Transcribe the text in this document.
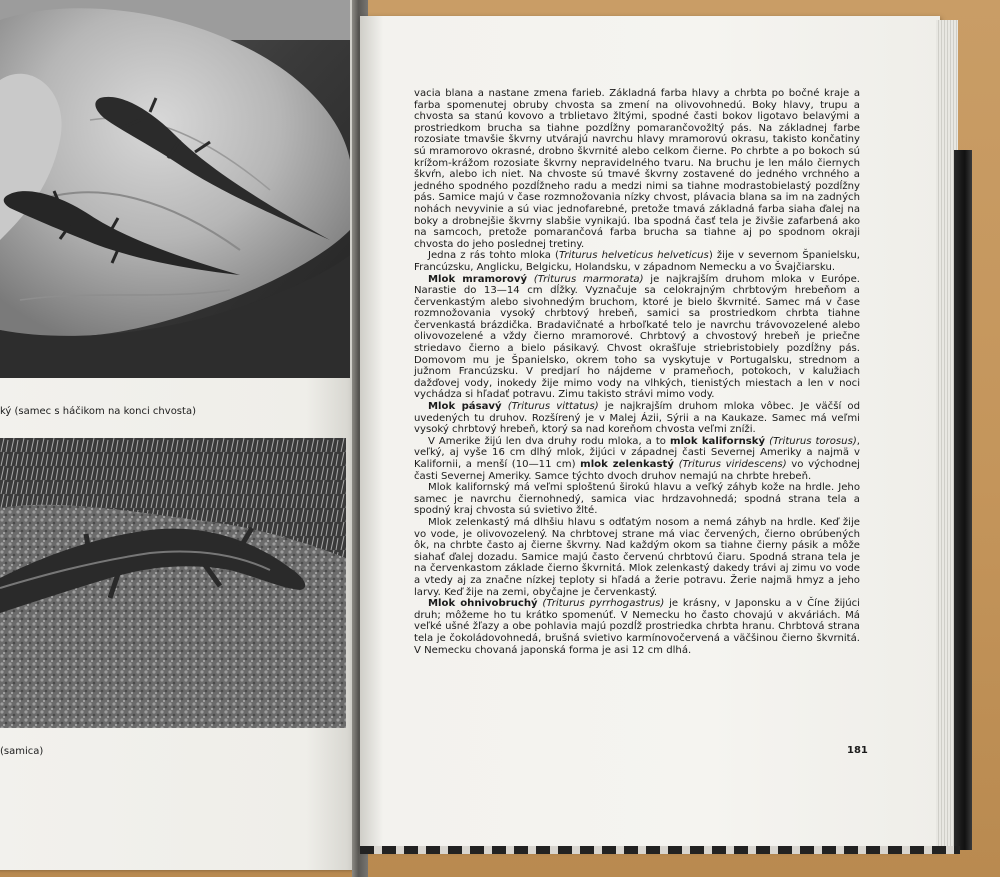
ký (samec s háčikom na konci chvosta)
(samica)

vacia blana a nastane zmena farieb. Základná farba hlavy a chrbta po bočné kraje a farba spomenutej obruby chvosta sa zmení na olivovohnedú. Boky hlavy, trupu a chvosta sa stanú kovovo a trblietavo žltými, spodné časti bokov ligotavo belavými a prostriedkom brucha sa tiahne pozdĺžny pomarančovožltý pás. Na základnej farbe rozosiate tmavšie škvrny utvárajú navrchu hlavy mramorovú okrasu, takisto končatiny sú mramorovo okrasné, drobno škvrnité alebo celkom čierne. Po chrbte a po bokoch sú krížom-krážom rozosiate škvrny nepravidelného tvaru. Na bruchu je len málo čiernych škvŕn, alebo ich niet. Na chvoste sú tmavé škvrny zostavené do jedného vrchného a jedného spodného pozdĺžneho radu a medzi nimi sa tiahne modrastobielastý pozdĺžny pás. Samice majú v čase rozmnožovania nízky chvost, plávacia blana sa im na zadných nohách nevyvinie a sú viac jednofarebné, pretože tmavá základná farba siaha ďalej na boky a drobnejšie škvrny slabšie vynikajú. Iba spodná časť tela je živšie zafarbená ako na samcoch, pretože pomarančová farba brucha sa tiahne aj po spodnom okraji chvosta do jeho poslednej tretiny.

Jedna z rás tohto mloka (Triturus helveticus helveticus) žije v severnom Španielsku, Francúzsku, Anglicku, Belgicku, Holandsku, v západnom Nemecku a vo Švajčiarsku.

Mlok mramorový (Triturus marmorata) je najkrajším druhom mloka v Európe. Narastie do 13—14 cm dĺžky. Vyznačuje sa celokrajným chrbtovým hrebeňom a červenkastým alebo sivohnedým bruchom, ktoré je bielo škvrnité. Samec má v čase rozmnožovania vysoký chrbtový hrebeň, samici sa prostriedkom chrbta tiahne červenkastá brázdička. Bradavičnaté a hrboľkaté telo je navrchu trávovozelené alebo olivovozelené a vždy čierno mramorové. Chrbtový a chvostový hrebeň je priečne striedavo čierno a bielo pásikavý. Chvost okrašľuje striebristobiely pozdĺžny pás. Domovom mu je Španielsko, okrem toho sa vyskytuje v Portugalsku, strednom a južnom Francúzsku. V predjarí ho nájdeme v prameňoch, potokoch, v kalužiach dažďovej vody, inokedy žije mimo vody na vlhkých, tienistých miestach a len v noci vychádza si hľadať potravu. Zimu takisto strávi mimo vody.

Mlok pásavý (Triturus vittatus) je najkrajším druhom mloka vôbec. Je väčší od uvedených tu druhov. Rozšírený je v Malej Ázii, Sýrii a na Kaukaze. Samec má veľmi vysoký chrbtový hrebeň, ktorý sa nad koreňom chvosta veľmi zníži.

V Amerike žijú len dva druhy rodu mloka, a to mlok kalifornský (Triturus torosus), veľký, aj vyše 16 cm dlhý mlok, žijúci v západnej časti Severnej Ameriky a najmä v Kalifornii, a menší (10—11 cm) mlok zelenkastý (Triturus viridescens) vo východnej časti Severnej Ameriky. Samce týchto dvoch druhov nemajú na chrbte hrebeň.

Mlok kalifornský má veľmi sploštenú širokú hlavu a veľký záhyb kože na hrdle. Jeho samec je navrchu čiernohnedý, samica viac hrdzavohnedá; spodná strana tela a spodný kraj chvosta sú svietivo žlté.

Mlok zelenkastý má dlhšiu hlavu s odťatým nosom a nemá záhyb na hrdle. Keď žije vo vode, je olivovozelený. Na chrbtovej strane má viac červených, čierno obrúbených ôk, na chrbte často aj čierne škvrny. Nad každým okom sa tiahne čierny pásik a môže siahať ďalej dozadu. Samice majú často červenú chrbtovú čiaru. Spodná strana tela je na červenkastom základe čierno škvrnitá. Mlok zelenkastý dakedy trávi aj zimu vo vode a vtedy aj za značne nízkej teploty si hľadá a žerie potravu. Žerie najmä hmyz a jeho larvy. Keď žije na zemi, obyčajne je červenkastý.

Mlok ohnivobruchý (Triturus pyrrhogastrus) je krásny, v Japonsku a v Číne žijúci druh; môžeme ho tu krátko spomenúť. V Nemecku ho často chovajú v akváriách. Má veľké ušné žľazy a obe pohlavia majú pozdĺž prostriedka chrbta hranu. Chrbtová strana tela je čokoládovohnedá, brušná svietivo karmínovočervená a väčšinou čierno škvrnitá. V Nemecku chovaná japonská forma je asi 12 cm dlhá.

181
